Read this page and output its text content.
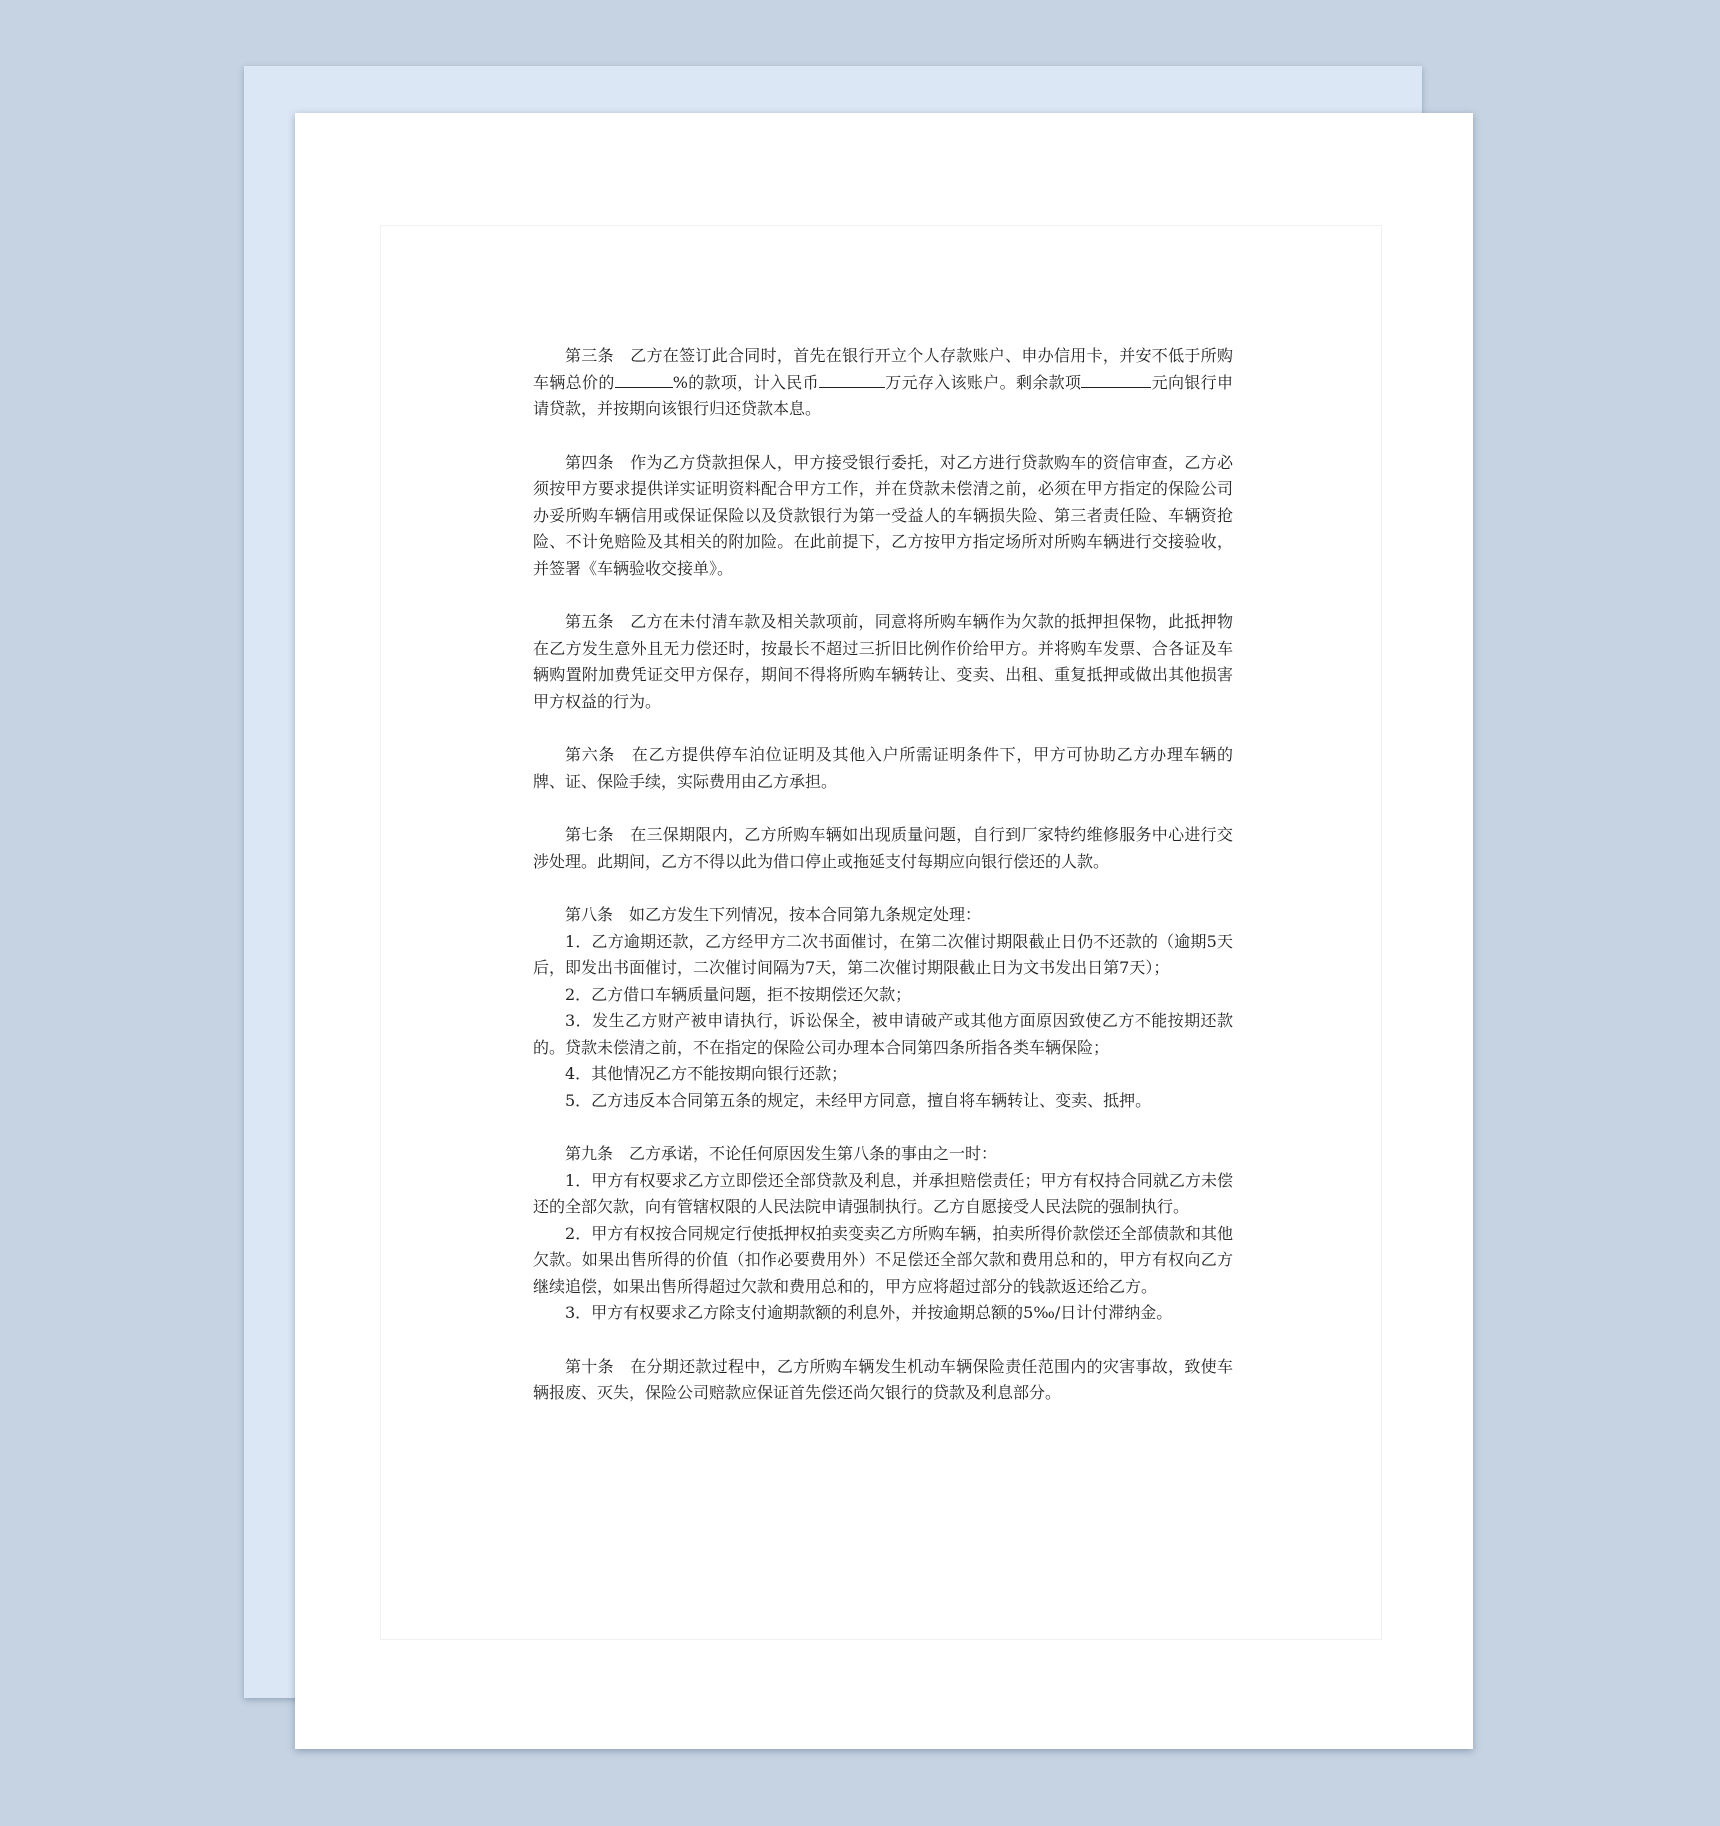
第三条　乙方在签订此合同时，首先在银行开立个人存款账户、申办信用卡，并安不低于所购车辆总价的	%的款项，计入民币	万元存入该账户。剩余款项	元向银行申请贷款，并按期向该银行归还贷款本息。

第四条　作为乙方贷款担保人，甲方接受银行委托，对乙方进行贷款购车的资信审查，乙方必须按甲方要求提供详实证明资料配合甲方工作，并在贷款未偿清之前，必须在甲方指定的保险公司办妥所购车辆信用或保证保险以及贷款银行为第一受益人的车辆损失险、第三者责任险、车辆资抢险、不计免赔险及其相关的附加险。在此前提下，乙方按甲方指定场所对所购车辆进行交接验收，并签署《车辆验收交接单》。

第五条　乙方在未付清车款及相关款项前，同意将所购车辆作为欠款的抵押担保物，此抵押物在乙方发生意外且无力偿还时，按最长不超过三折旧比例作价给甲方。并将购车发票、合各证及车辆购置附加费凭证交甲方保存，期间不得将所购车辆转让、变卖、出租、重复抵押或做出其他损害甲方权益的行为。

第六条　在乙方提供停车泊位证明及其他入户所需证明条件下，甲方可协助乙方办理车辆的牌、证、保险手续，实际费用由乙方承担。

第七条　在三保期限内，乙方所购车辆如出现质量问题，自行到厂家特约维修服务中心进行交涉处理。此期间，乙方不得以此为借口停止或拖延支付每期应向银行偿还的人款。

第八条　如乙方发生下列情况，按本合同第九条规定处理：

1．乙方逾期还款，乙方经甲方二次书面催讨，在第二次催讨期限截止日仍不还款的（逾期5天后，即发出书面催讨，二次催讨间隔为7天，第二次催讨期限截止日为文书发出日第7天）；

2．乙方借口车辆质量问题，拒不按期偿还欠款；

3．发生乙方财产被申请执行，诉讼保全，被申请破产或其他方面原因致使乙方不能按期还款的。贷款未偿清之前，不在指定的保险公司办理本合同第四条所指各类车辆保险；

4．其他情况乙方不能按期向银行还款；

5．乙方违反本合同第五条的规定，未经甲方同意，擅自将车辆转让、变卖、抵押。

第九条　乙方承诺，不论任何原因发生第八条的事由之一时：

1．甲方有权要求乙方立即偿还全部贷款及利息，并承担赔偿责任；甲方有权持合同就乙方未偿还的全部欠款，向有管辖权限的人民法院申请强制执行。乙方自愿接受人民法院的强制执行。

2．甲方有权按合同规定行使抵押权拍卖变卖乙方所购车辆，拍卖所得价款偿还全部债款和其他欠款。如果出售所得的价值（扣作必要费用外）不足偿还全部欠款和费用总和的，甲方有权向乙方继续追偿，如果出售所得超过欠款和费用总和的，甲方应将超过部分的钱款返还给乙方。

3．甲方有权要求乙方除支付逾期款额的利息外，并按逾期总额的5‰/日计付滞纳金。

第十条　在分期还款过程中，乙方所购车辆发生机动车辆保险责任范围内的灾害事故，致使车辆报废、灭失，保险公司赔款应保证首先偿还尚欠银行的贷款及利息部分。
